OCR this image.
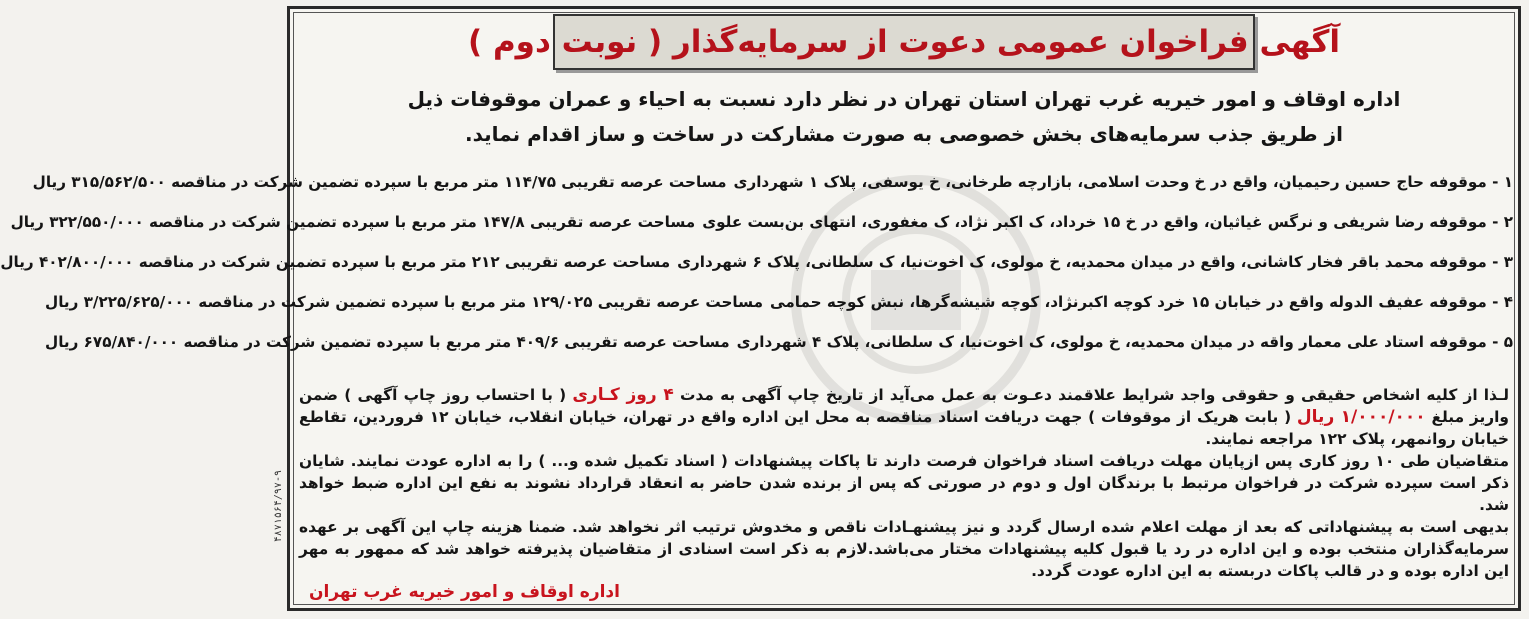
آگهی فراخوان عمومی دعوت از سرمایه‌گذار ( نوبت دوم )
اداره اوقاف و امور خیریه غرب تهران استان تهران در نظر دارد نسبت به احیاء و عمران موقوفات ذیل
از طریق جذب سرمایه‌های بخش خصوصی به صورت مشارکت در ساخت و ساز اقدام نماید.
۱ - موقوفه حاج حسین رحیمیان، واقع در خ وحدت اسلامی، بازارچه طرخانی، خ یوسفی، پلاک ۱ شهرداری
مساحت عرصه تقریبی ۱۱۴/۷۵ متر مربع با سپرده تضمین شرکت در مناقصه ۳۱۵/۵۶۲/۵۰۰ ریال
۲ - موقوفه رضا شریفی و نرگس غیاثیان، واقع در خ ۱۵ خرداد، ک اکبر نژاد، ک مغفوری، انتهای بن‌بست علوی
مساحت عرصه تقریبی ۱۴۷/۸ متر مربع با سپرده تضمین شرکت در مناقصه ۳۲۲/۵۵۰/۰۰۰ ریال
۳ - موقوفه محمد باقر فخار کاشانی، واقع در میدان محمدیه، خ مولوی، ک اخوت‌نیا، ک سلطانی، پلاک ۶ شهرداری
مساحت عرصه تقریبی ۲۱۲ متر مربع با سپرده تضمین شرکت در مناقصه ۴۰۲/۸۰۰/۰۰۰ ریال
۴ - موقوفه عفیف الدوله واقع در خیابان ۱۵ خرد کوچه اکبرنژاد، کوچه شیشه‌گرها، نبش کوچه حمامی
مساحت عرصه تقریبی ۱۲۹/۰۲۵ متر مربع با سپرده تضمین شرکت در مناقصه ۳/۲۲۵/۶۲۵/۰۰۰ ریال
۵ - موقوفه استاد علی معمار واقه در میدان محمدیه، خ مولوی، ک اخوت‌نیا، ک سلطانی، پلاک ۴ شهرداری
مساحت عرصه تقریبی ۴۰۹/۶ متر مربع با سپرده تضمین شرکت در مناقصه ۶۷۵/۸۴۰/۰۰۰ ریال

لـذا از کلیه اشخاص حقیقی و حقوقی واجد شرایط علاقمند دعـوت به عمل می‌آید از تاریخ چاپ آگهی به مدت ۴ روز کـاری ( با احتساب روز چاپ آگهی ) ضمن واریز مبلغ ۱/۰۰۰/۰۰۰ ریال ( بابت هریک از موقوفات ) جهت دریافت اسناد مناقصه به محل این اداره واقع در تهران، خیابان انقلاب، خیابان ۱۲ فروردین، تقاطع خیابان روانمهر، پلاک ۱۲۲ مراجعه نمایند.

متقاضیان طی ۱۰ روز کاری پس ازپایان مهلت دریافت اسناد فراخوان فرصت دارند تا پاکات پیشنهادات ( اسناد تکمیل شده و... ) را به اداره عودت نمایند. شایان ذکر است سپرده شرکت در فراخوان مرتبط با برندگان اول و دوم در صورتی که پس از برنده شدن حاضر به انعقاد قرارداد نشوند به نفع این اداره ضبط خواهد شد.

بدیهی است به پیشنهاداتی که بعد از مهلت اعلام شده ارسال گردد و نیز پیشنهـادات ناقص و مخدوش ترتیب اثر نخواهد شد. ضمنا هزینه چاپ این آگهی بر عهده سرمایه‌گذاران منتخب بوده و این اداره در رد یا قبول کلیه پیشنهادات مختار می‌باشد.لازم به ذکر است اسنادی از متقاضیان پذیرفته خواهد شد که ممهور به مهر این اداره بوده و در قالب پاکات دربسته به این اداره عودت گردد.

اداره اوقاف و امور خیریه غرب تهران
۴۸۷۱۵۶۴/۹۷-۹
